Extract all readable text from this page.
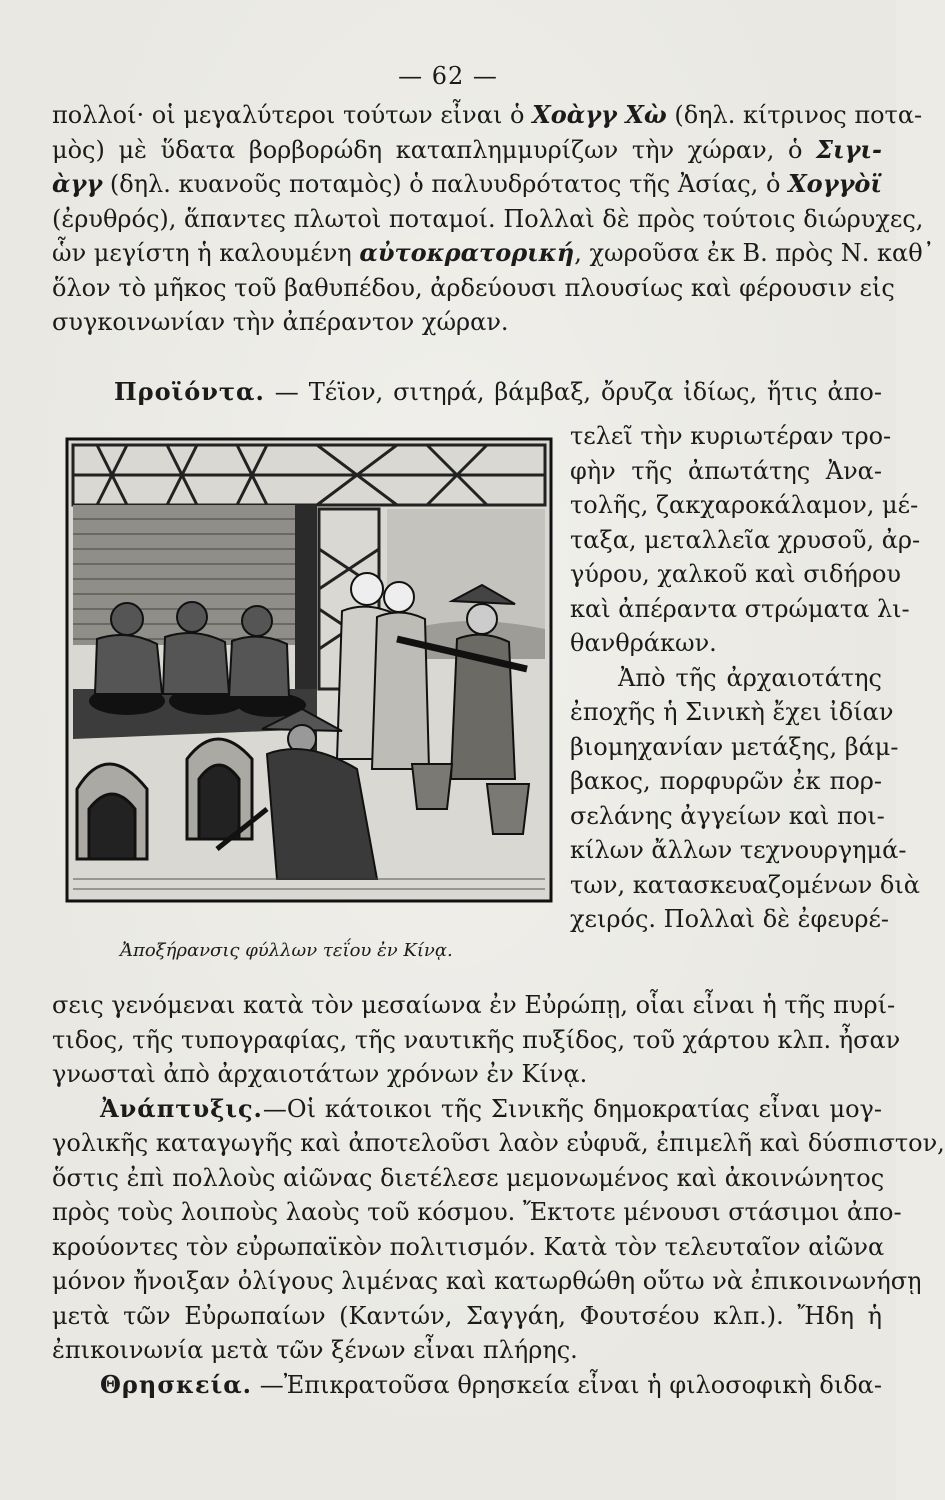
— 62 —
πολλοί· οἱ μεγαλύτεροι τούτων εἶναι ὁ Χοὰγγ Χὼ (δηλ. κίτρινος ποτα-
μὸς) μὲ ὕδατα βορβορώδη καταπλημμυρίζων τὴν χώραν, ὁ Σιγι-
ὰγγ (δηλ. κυανοῦς ποταμὸς) ὁ παλυυδρότατος τῆς Ἀσίας, ὁ Χογγὸϊ
(ἐρυθρός), ἅπαντες πλωτοὶ ποταμοί. Πολλαὶ δὲ πρὸς τούτοις διώρυχες,
ὧν μεγίστη ἡ καλουμένη αὐτοκρατορική, χωροῦσα ἐκ Β. πρὸς Ν. καθ᾽
ὅλον τὸ μῆκος τοῦ βαθυπέδου, ἀρδεύουσι πλουσίως καὶ φέρουσιν εἰς
συγκοινωνίαν τὴν ἀπέραντον χώραν.
Προϊόντα. — Τέϊον, σιτηρά, βάμβαξ, ὄρυζα ἰδίως, ἥτις ἀπο-
Ἀποξήρανσις φύλλων τεΐου ἐν Κίνᾳ.
τελεῖ τὴν κυριωτέραν τρο-
φὴν τῆς ἀπωτάτης Ἀνα-
τολῆς, ζακχαροκάλαμον, μέ-
ταξα, μεταλλεῖα χρυσοῦ, ἀρ-
γύρου, χαλκοῦ καὶ σιδήρου
καὶ ἀπέραντα στρώματα λι-
θανθράκων.
Ἀπὸ τῆς ἀρχαιοτάτης
ἐποχῆς ἡ Σινικὴ ἔχει ἰδίαν
βιομηχανίαν μετάξης, βάμ-
βακος, πορφυρῶν ἐκ πορ-
σελάνης ἀγγείων καὶ ποι-
κίλων ἄλλων τεχνουργημά-
των, κατασκευαζομένων διὰ
χειρός. Πολλαὶ δὲ ἐφευρέ-
σεις γενόμεναι κατὰ τὸν μεσαίωνα ἐν Εὐρώπῃ, οἷαι εἶναι ἡ τῆς πυρί-
τιδος, τῆς τυπογραφίας, τῆς ναυτικῆς πυξίδος, τοῦ χάρτου κλπ. ἦσαν
γνωσταὶ ἀπὸ ἀρχαιοτάτων χρόνων ἐν Κίνᾳ.
Ἀνάπτυξις.—Οἱ κάτοικοι τῆς Σινικῆς δημοκρατίας εἶναι μογ-
γολικῆς καταγωγῆς καὶ ἀποτελοῦσι λαὸν εὐφυᾶ, ἐπιμελῆ καὶ δύσπιστον,
ὅστις ἐπὶ πολλοὺς αἰῶνας διετέλεσε μεμονωμένος καὶ ἀκοινώνητος
πρὸς τοὺς λοιποὺς λαοὺς τοῦ κόσμου. Ἔκτοτε μένουσι στάσιμοι ἀπο-
κρούοντες τὸν εὐρωπαϊκὸν πολιτισμόν. Κατὰ τὸν τελευταῖον αἰῶνα
μόνον ἤνοιξαν ὀλίγους λιμένας καὶ κατωρθώθη οὕτω νὰ ἐπικοινωνήσῃ
μετὰ τῶν Εὐρωπαίων (Καντών, Σαγγάη, Φουτσέου κλπ.). Ἤδη ἡ
ἐπικοινωνία μετὰ τῶν ξένων εἶναι πλήρης.
Θρησκεία. —Ἐπικρατοῦσα θρησκεία εἶναι ἡ φιλοσοφικὴ διδα-
